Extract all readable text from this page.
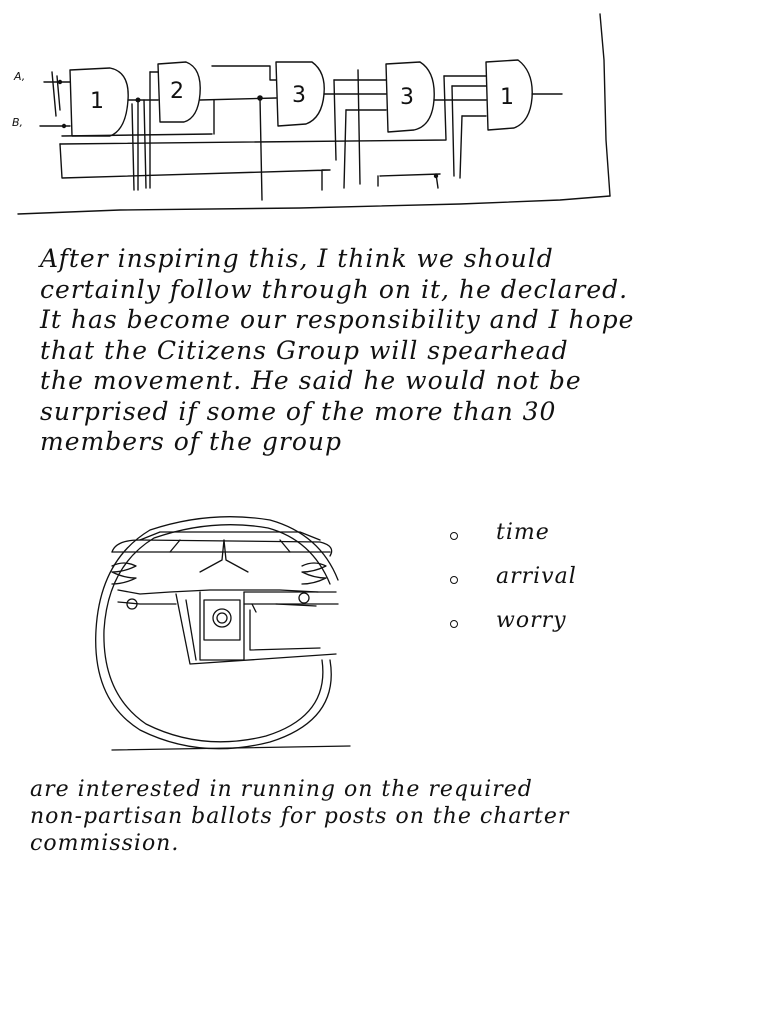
A,
B,
1	2	3	3	1
After inspiring this, I think we should
certainly follow through on it, he declared.
It has become our responsibility and I hope
that the Citizens Group will spearhead
the movement. He said he would not be
surprised if some of the more than 30
members of the group
time
arrival
worry
are interested in running on the required
non-partisan ballots for posts on the charter
commission.
